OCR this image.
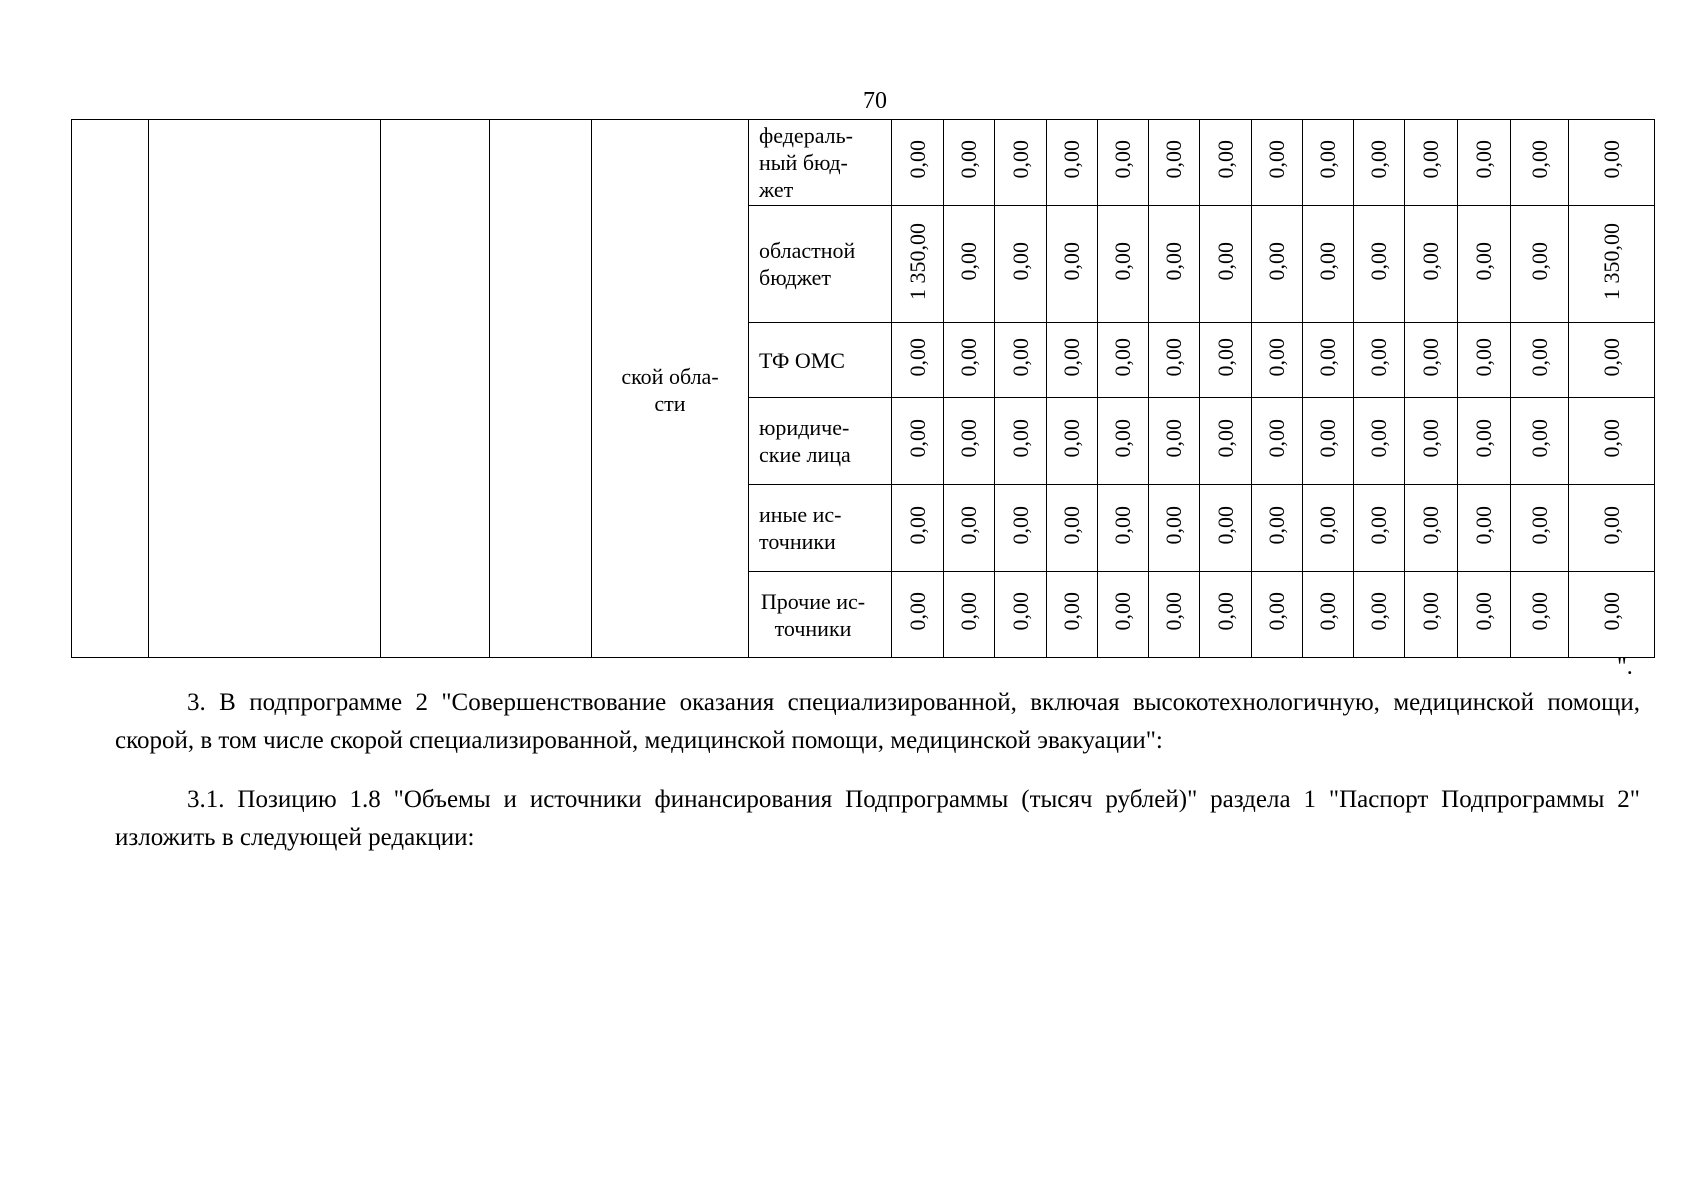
70
				ской обла-сти	федераль-ный бюд-жет	0,00	0,00	0,00	0,00	0,00	0,00	0,00	0,00	0,00	0,00	0,00	0,00	0,00	0,00
					областной бюджет	1 350,00	0,00	0,00	0,00	0,00	0,00	0,00	0,00	0,00	0,00	0,00	0,00	0,00	1 350,00
					ТФ ОМС	0,00	0,00	0,00	0,00	0,00	0,00	0,00	0,00	0,00	0,00	0,00	0,00	0,00	0,00
					юридиче-ские лица	0,00	0,00	0,00	0,00	0,00	0,00	0,00	0,00	0,00	0,00	0,00	0,00	0,00	0,00
					иные ис-точники	0,00	0,00	0,00	0,00	0,00	0,00	0,00	0,00	0,00	0,00	0,00	0,00	0,00	0,00
					Прочие ис-точники	0,00	0,00	0,00	0,00	0,00	0,00	0,00	0,00	0,00	0,00	0,00	0,00	0,00	0,00
".

3. В подпрограмме 2 "Совершенствование оказания специализированной, включая высокотехнологичную, медицинской помощи, скорой, в том числе скорой специализированной, медицинской помощи, медицинской эвакуации":

3.1. Позицию 1.8 "Объемы и источники финансирования Подпрограммы (тысяч рублей)" раздела 1 "Паспорт Подпрограммы 2" изложить в следующей редакции:
